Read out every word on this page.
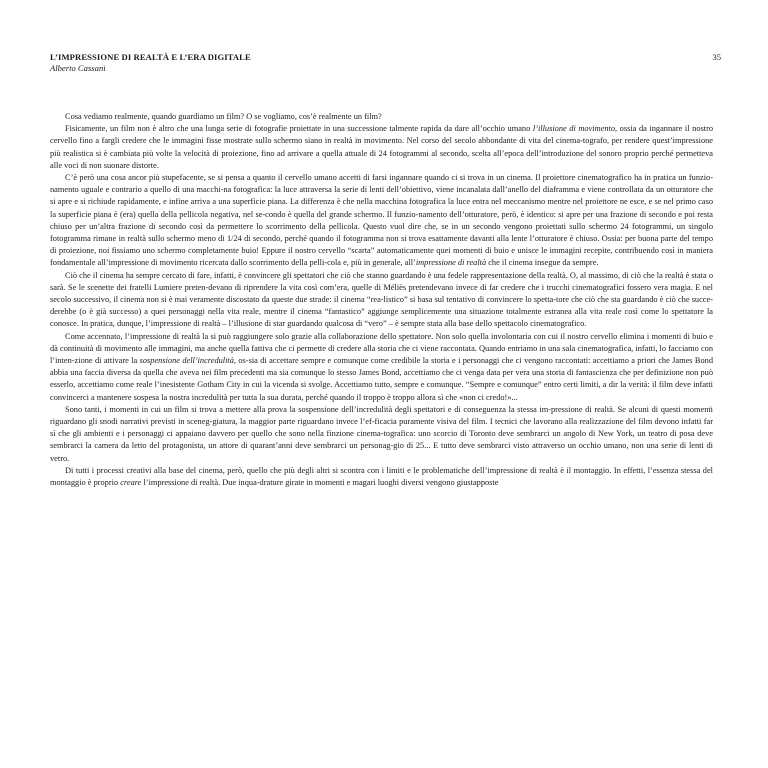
35
L’IMPRESSIONE DI REALTÀ E L’ERA DIGITALE
Alberto Cassani

Cosa vediamo realmente, quando guardiamo un film? O se vogliamo, cos’è realmente un film?

Fisicamente, un film non è altro che una lunga serie di fotografie proiettate in una successione talmente rapida da dare all’occhio umano l’illusione di movimento, ossia da ingannare il nostro cervello fino a fargli credere che le immagini fisse mostrate sullo schermo siano in realtà in movimento. Nel corso del secolo abbondante di vita del cinema-tografo, per rendere quest’impressione più realistica si è cambiata più volte la velocità di proiezione, fino ad arrivare a quella attuale di 24 fotogrammi al secondo, scelta all’epoca dell’introduzione del sonoro proprio perché permetteva alle voci di non suonare distorte.

C’è però una cosa ancor più stupefacente, se si pensa a quanto il cervello umano accetti di farsi ingannare quando ci si trova in un cinema. Il proiettore cinematografico ha in pratica un funzio-namento uguale e contrario a quello di una macchi-na fotografica: la luce attraversa la serie di lenti dell’obiettivo, viene incanalata dall’anello del diaframma e viene controllata da un otturatore che si apre e si richiude rapidamente, e infine arriva a una superficie piana. La differenza è che nella macchina fotografica la luce entra nel meccanismo mentre nel proiettore ne esce, e se nel primo caso la superficie piana è (era) quella della pellicola negativa, nel se-condo è quella del grande schermo. Il funzio-namento dell’otturatore, però, è identico: si apre per una frazione di secondo e poi resta chiuso per un’altra frazione di secondo così da permettere lo scorrimento della pellicola. Questo vuol dire che, se in un secondo vengono proiettati sullo schermo 24 fotogrammi, un singolo fotogramma rimane in realtà sullo schermo meno di 1/24 di secondo, perché quando il fotogramma non si trova esattamente davanti alla lente l’otturatore è chiuso. Ossia: per buona parte del tempo di proiezione, noi fissiamo uno schermo completamente buio! Eppure il nostro cervello “scarta” automaticamente quei momenti di buio e unisce le immagini recepite, contribuendo così in maniera fondamentale all’impressione di movimento ricercata dallo scorrimento della pelli-cola e, più in generale, all’impressione di realtà che il cinema insegue da sempre.

Ciò che il cinema ha sempre cercato di fare, infatti, è convincere gli spettatori che ciò che stanno guardando è una fedele rappresentazione della realtà. O, al massimo, di ciò che la realtà è stata o sarà. Se le scenette dei fratelli Lumiere preten-devano di riprendere la vita così com’era, quelle di Méliès pretendevano invece di far credere che i trucchi cinematografici fossero vera magia. E nel secolo successivo, il cinema non si è mai veramente discostato da queste due strade: il cinema “rea-listico” si basa sul tentativo di convincere lo spetta-tore che ciò che sta guardando è ciò che succe-derebbe (o è già successo) a quei personaggi nella vita reale, mentre il cinema “fantastico” aggiunge semplicemente una situazione totalmente estranea alla vita reale così come lo spettatore la conosce. In pratica, dunque, l’impressione di realtà – l’illusione di star guardando qualcosa di “vero” – è sempre stata alla base dello spettacolo cinematografico.

Come accennato, l’impressione di realtà la si può raggiungere solo grazie alla collaborazione dello spettatore. Non solo quella involontaria con cui il nostro cervello elimina i momenti di buio e dà continuità di movimento alle immagini, ma anche quella fattiva che ci permette di credere alla storia che ci viene raccontata. Quando entriamo in una sala cinematografica, infatti, lo facciamo con l’inten-zione di attivare la sospensione dell’incredulità, os-sia di accettare sempre e comunque come credibile la storia e i personaggi che ci vengono raccontati: accettiamo a priori che James Bond abbia una faccia diversa da quella che aveva nei film precedenti ma sia comunque lo stesso James Bond, accettiamo che ci venga data per vera una storia di fantascienza che per definizione non può esserlo, accettiamo come reale l’inesistente Gotham City in cui la vicenda si svolge. Accettiamo tutto, sempre e comunque. “Sempre e comunque” entro certi limiti, a dir la verità: il film deve infatti convincerci a mantenere sospesa la nostra incredulità per tutta la sua durata, perché quando il troppo è troppo allora sì che «non ci credo!»...

Sono tanti, i momenti in cui un film si trova a mettere alla prova la sospensione dell’incredulità degli spettatori e di conseguenza la stessa im-pressione di realtà. Se alcuni di questi momenti riguardano gli snodi narrativi previsti in sceneg-giatura, la maggior parte riguardano invece l’ef-ficacia puramente visiva del film. I tecnici che lavorano alla realizzazione del film devono infatti far sì che gli ambienti e i personaggi ci appaiano davvero per quello che sono nella finzione cinema-tografica: uno scorcio di Toronto deve sembrarci un angolo di New York, un teatro di posa deve sembrarci la camera da letto del protagonista, un attore di quarant’anni deve sembrarci un personag-gio di 25... E tutto deve sembrarci visto attraverso un occhio umano, non una serie di lenti di vetro.

Di tutti i processi creativi alla base del cinema, però, quello che più degli altri si scontra con i limiti e le problematiche dell’impressione di realtà è il montaggio. In effetti, l’essenza stessa del montaggio è proprio creare l’impressione di realtà. Due inqua-drature girate in momenti e magari luoghi diversi vengono giustapposte
